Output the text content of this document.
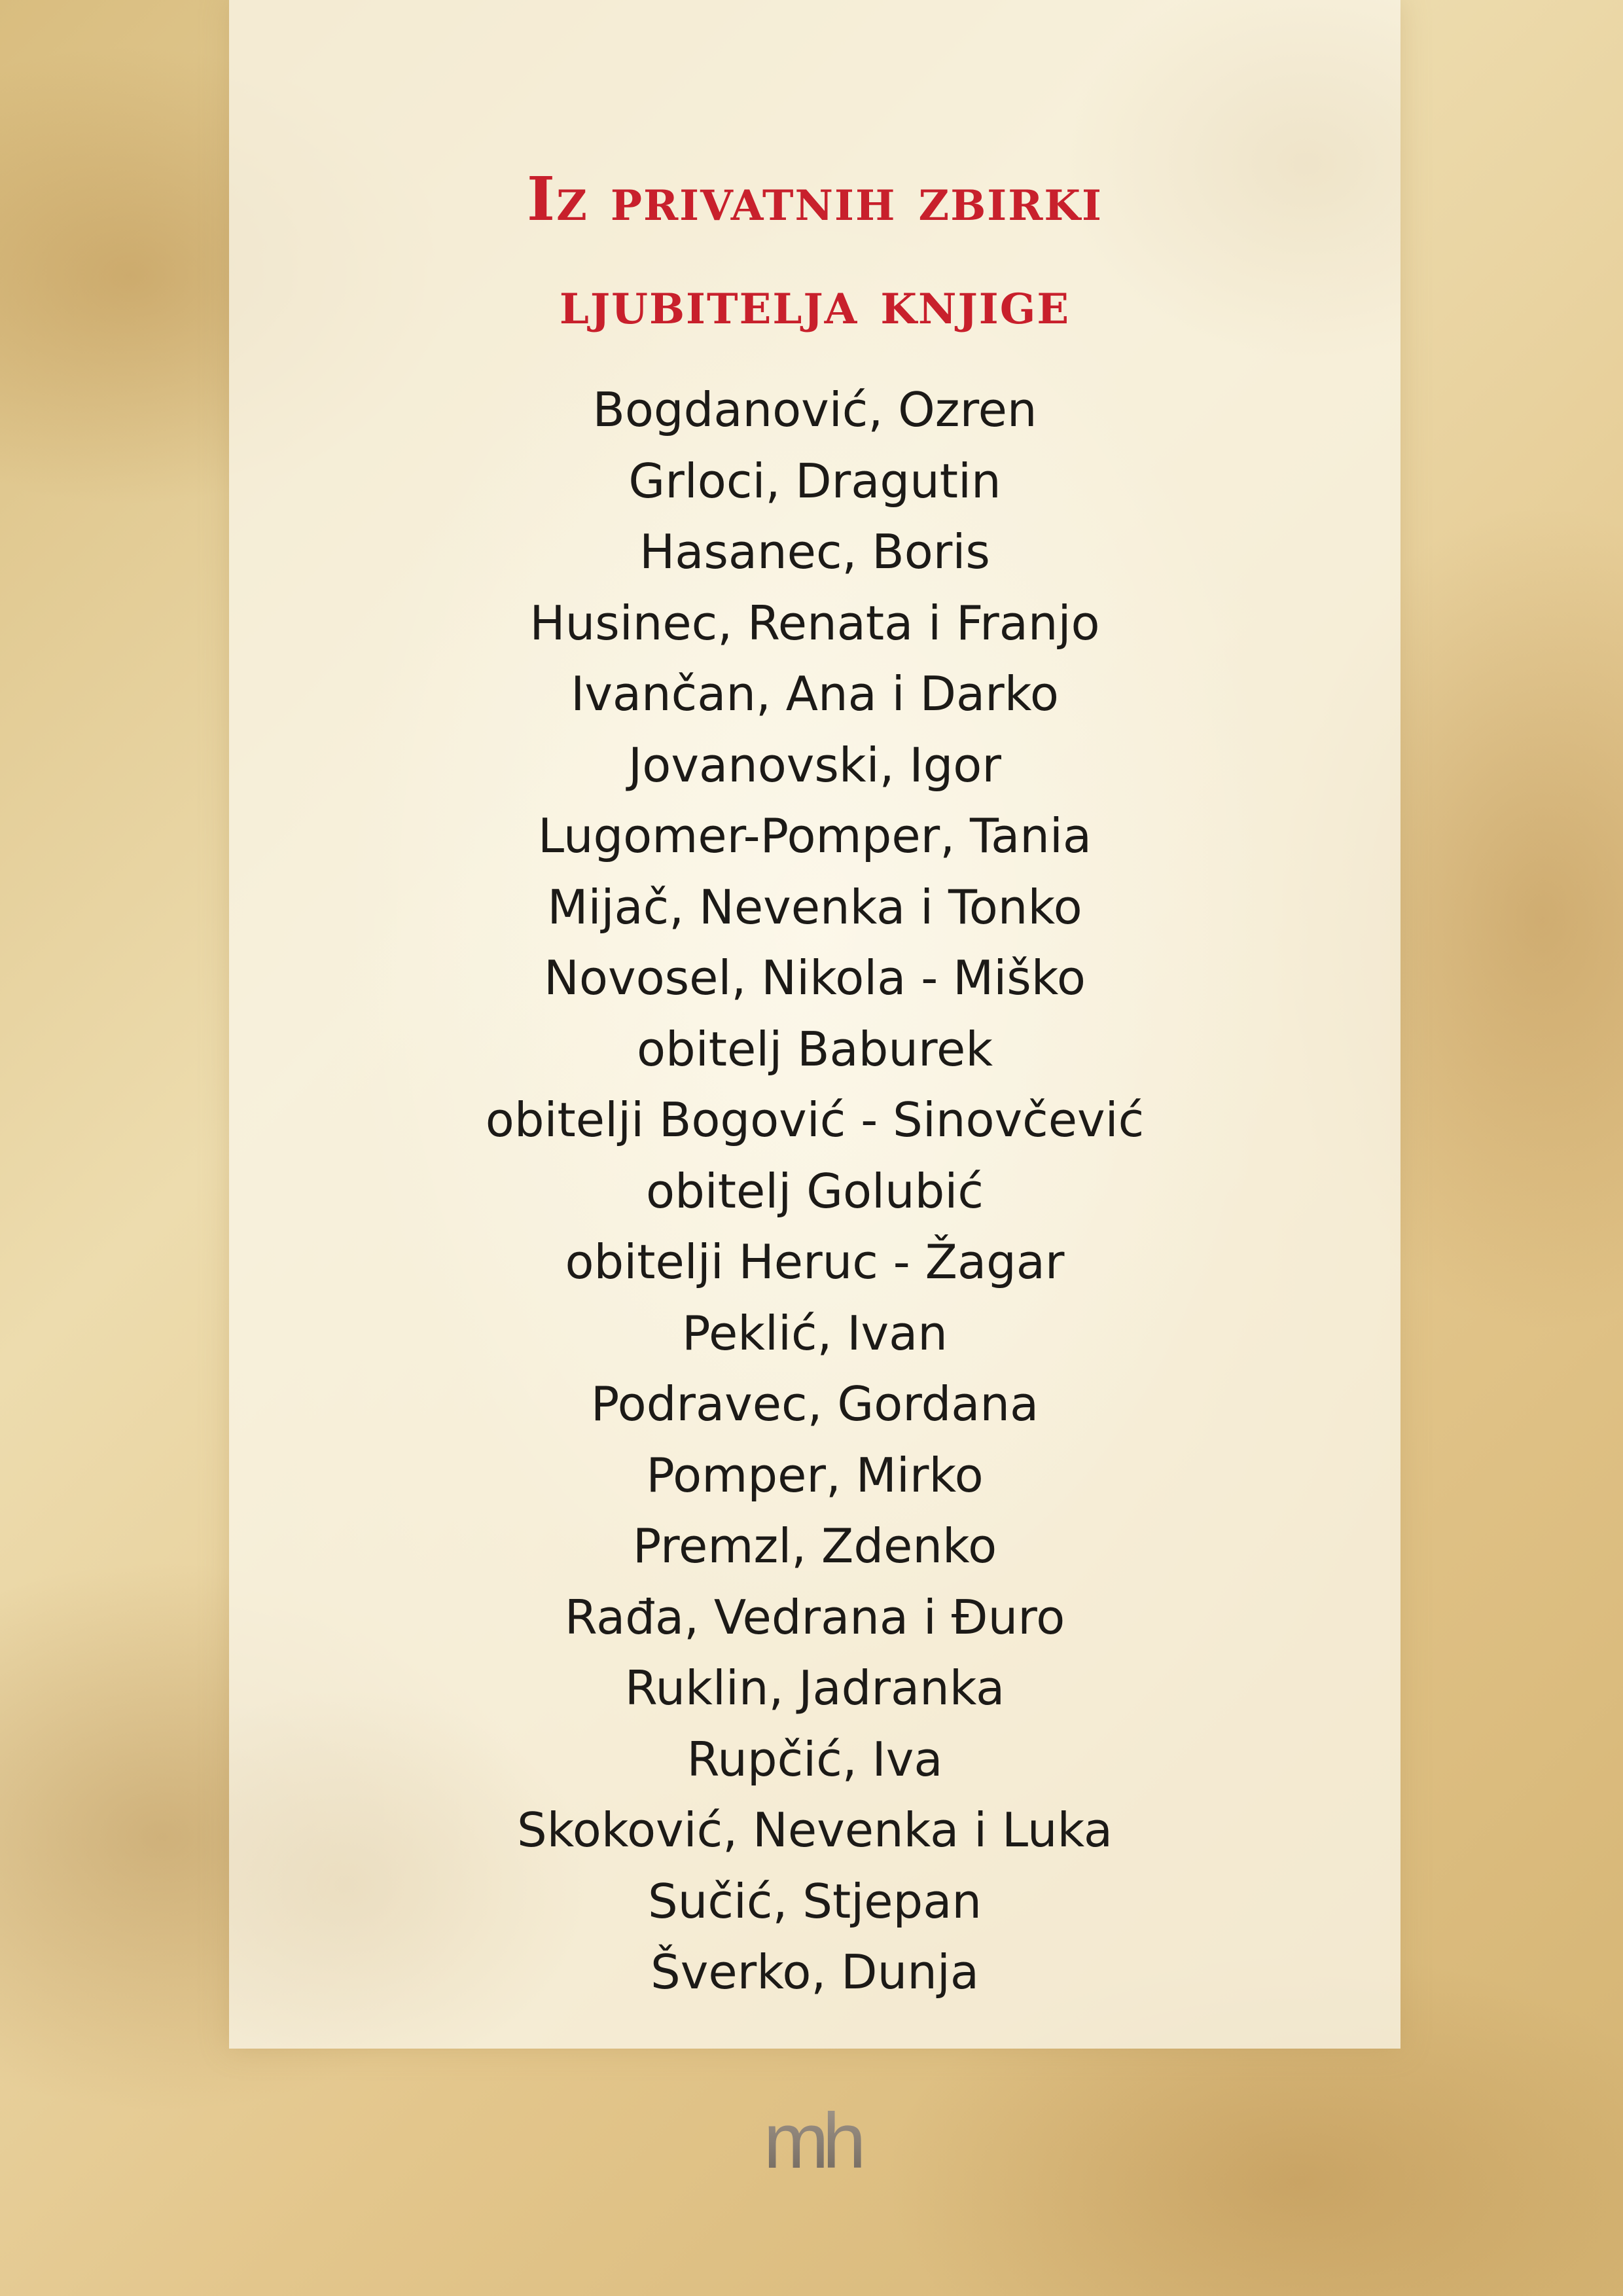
Iz privatnih zbirki
ljubitelja knjige
Bogdanović, Ozren
Grloci, Dragutin
Hasanec, Boris
Husinec, Renata i Franjo
Ivančan, Ana i Darko
Jovanovski, Igor
Lugomer-Pomper, Tania
Mijač, Nevenka i Tonko
Novosel, Nikola - Miško
obitelj Baburek
obitelji Bogović - Sinovčević
obitelj Golubić
obitelji Heruc - Žagar
Peklić, Ivan
Podravec, Gordana
Pomper, Mirko
Premzl, Zdenko
Rađa, Vedrana i Đuro
Ruklin, Jadranka
Rupčić, Iva
Skoković, Nevenka i Luka
Sučić, Stjepan
Šverko, Dunja
mh
